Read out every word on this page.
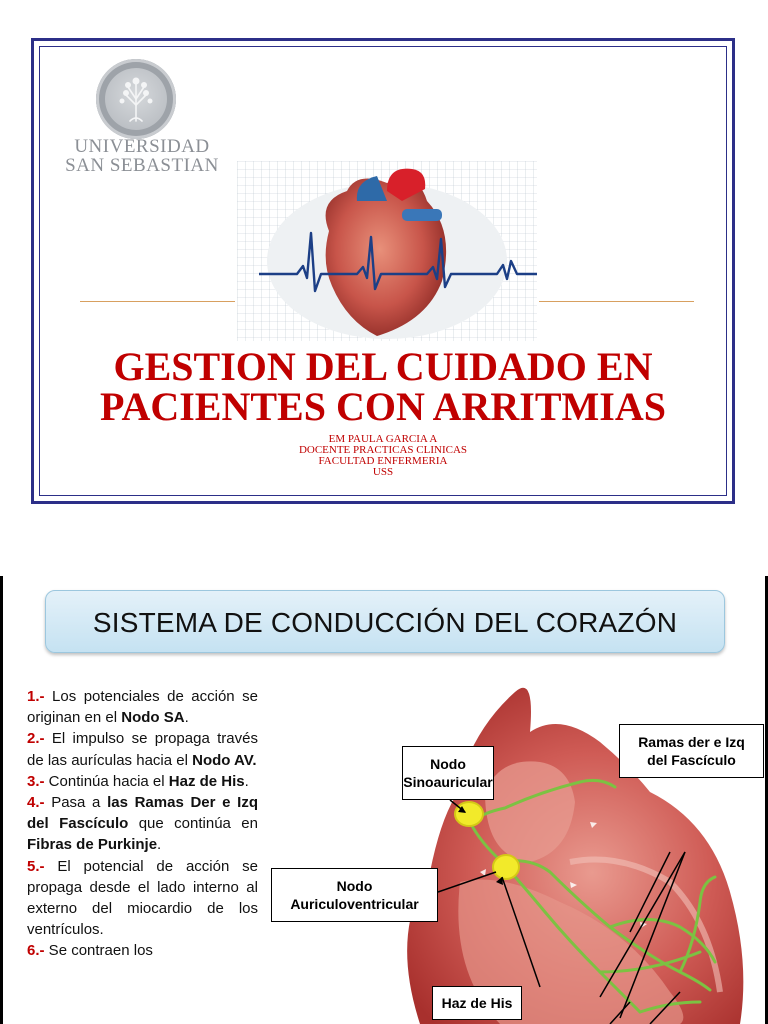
UNIVERSIDAD
SAN SEBASTIAN
GESTION DEL CUIDADO EN
PACIENTES CON ARRITMIAS
EM PAULA GARCIA A
DOCENTE PRACTICAS CLINICAS
FACULTAD ENFERMERIA
USS
SISTEMA DE CONDUCCIÓN DEL CORAZÓN

1.- Los potenciales de acción se originan en el Nodo SA.

2.- El impulso se propaga través de las aurículas hacia el Nodo AV.

3.- Continúa hacia el Haz de His.

4.- Pasa a las Ramas Der e Izq del Fascículo que continúa en Fibras de Purkinje.

5.- El potencial de acción se propaga desde el lado interno al externo del miocardio de los ventrículos.

6.- Se contraen los

Nodo
Sinoauricular
Nodo
Auriculoventricular
Ramas der e Izq
del Fascículo
Haz de His
